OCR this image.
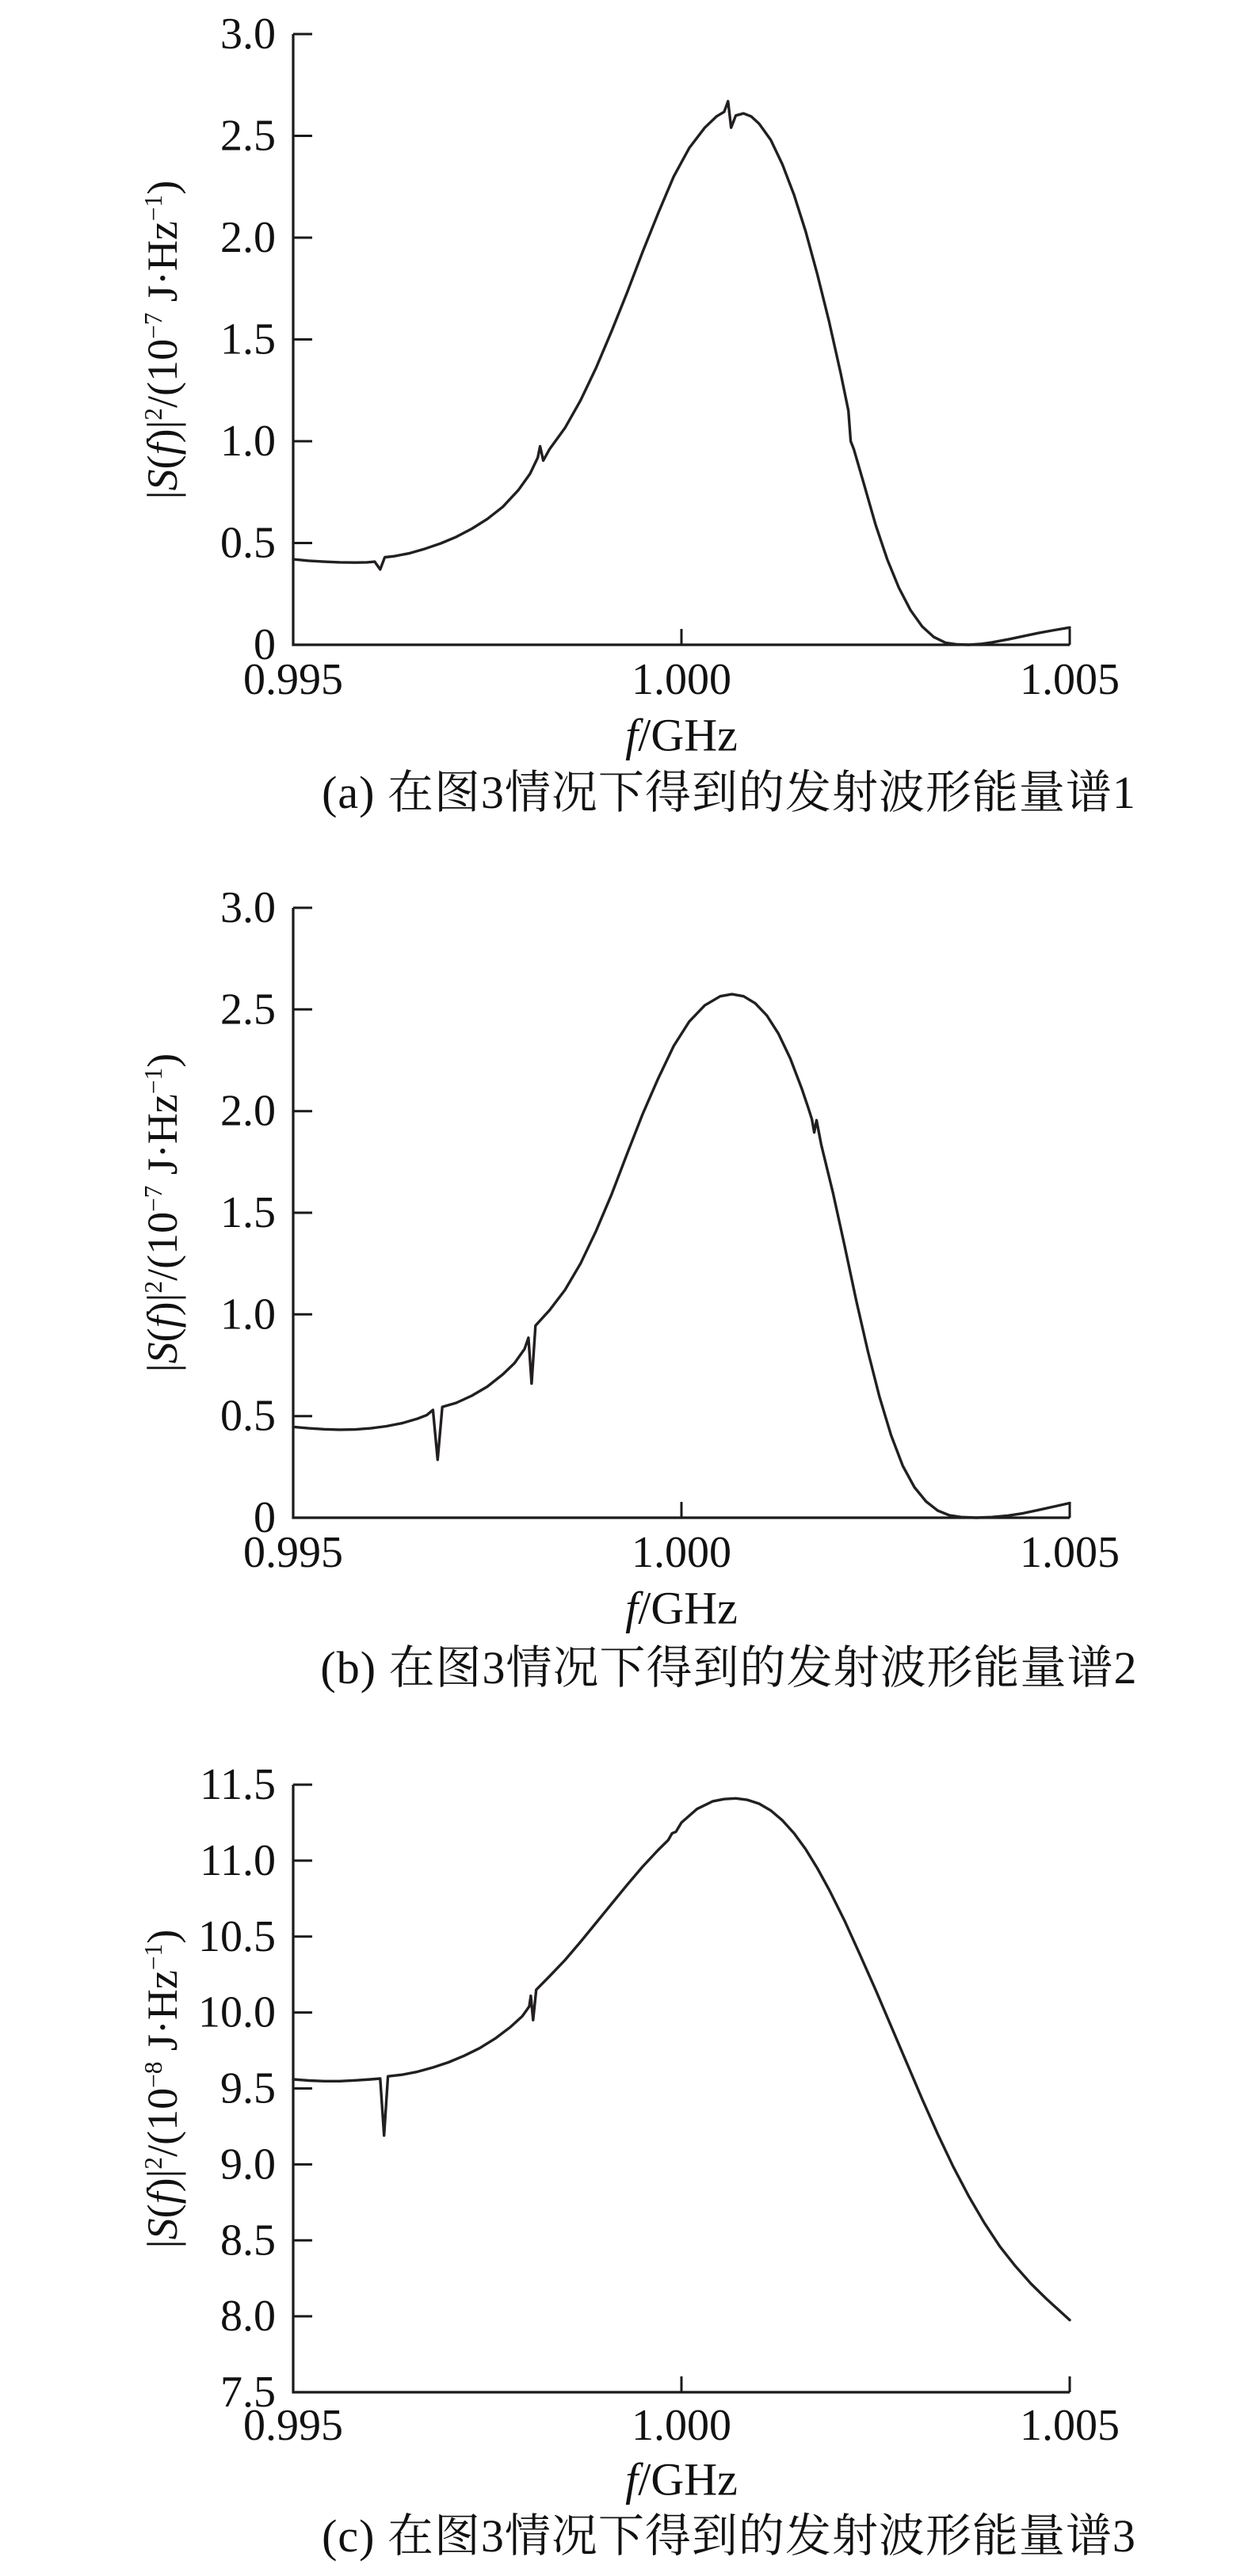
0
0.5
1.0
1.5
2.0
2.5
3.0
0.995	1.000	1.005
0
0.5
1.0
1.5
2.0
2.5
3.0
0.995	1.000	1.005
7.5
8.0
8.5
9.0
9.5
10.0
10.5
11.0
11.5
0.995	1.000	1.005
$|S(f)|^2/(10^{-7}$ $J\cdot Hz^{-1}$)
f/GHz
(a) 在图3情况下得到的发射波形能量谱1
$|S(f)|^2/(10^{-7}$ $J\cdot Hz^{-1}$)
f/GHz
(b) 在图3情况下得到的发射波形能量谱2
$|S(f)|^2/(10^{-8}$ $J\cdot Hz^{-1}$)
f/GHz
(c) 在图3情况下得到的发射波形能量谱3
